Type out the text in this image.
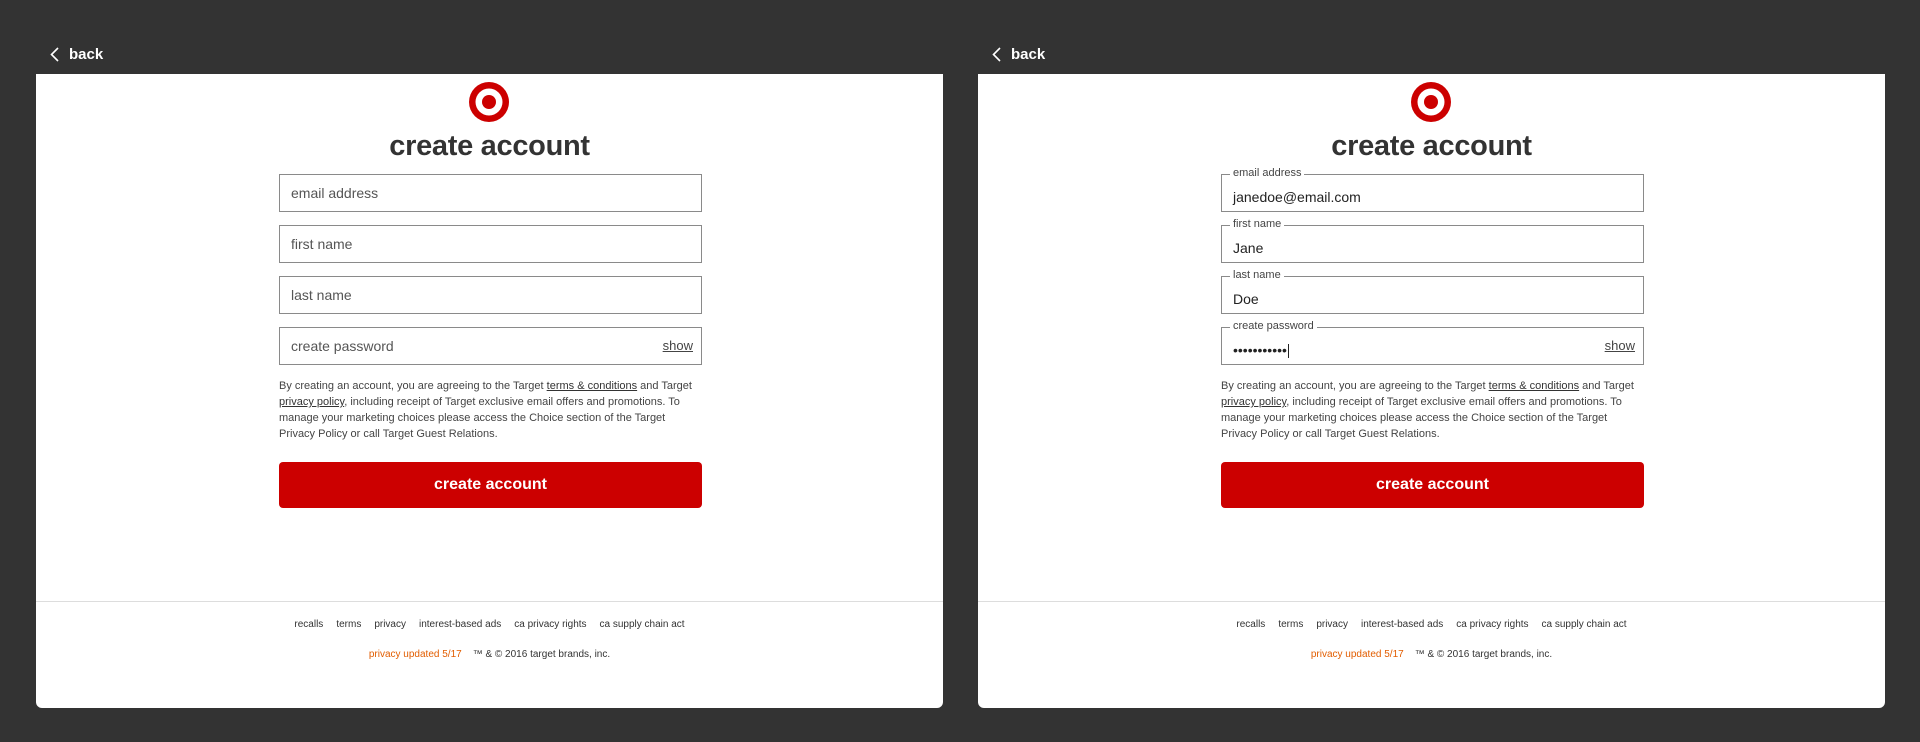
back
create account
email address
first name
last name
create password	show
By creating an account, you are agreeing to the Target terms & conditions and Target privacy policy, including receipt of Target exclusive email offers and promotions. To manage your marketing choices please access the Choice section of the Target Privacy Policy or call Target Guest Relations.
create account
recalls terms privacy interest-based ads ca privacy rights ca supply chain act
privacy updated 5/17 ™ & © 2016 target brands, inc.
back
create account
email address
janedoe@email.com
first name
Jane
last name
Doe
create password
•••••••••••	show
By creating an account, you are agreeing to the Target terms & conditions and Target privacy policy, including receipt of Target exclusive email offers and promotions. To manage your marketing choices please access the Choice section of the Target Privacy Policy or call Target Guest Relations.
create account
recalls terms privacy interest-based ads ca privacy rights ca supply chain act
privacy updated 5/17 ™ & © 2016 target brands, inc.
